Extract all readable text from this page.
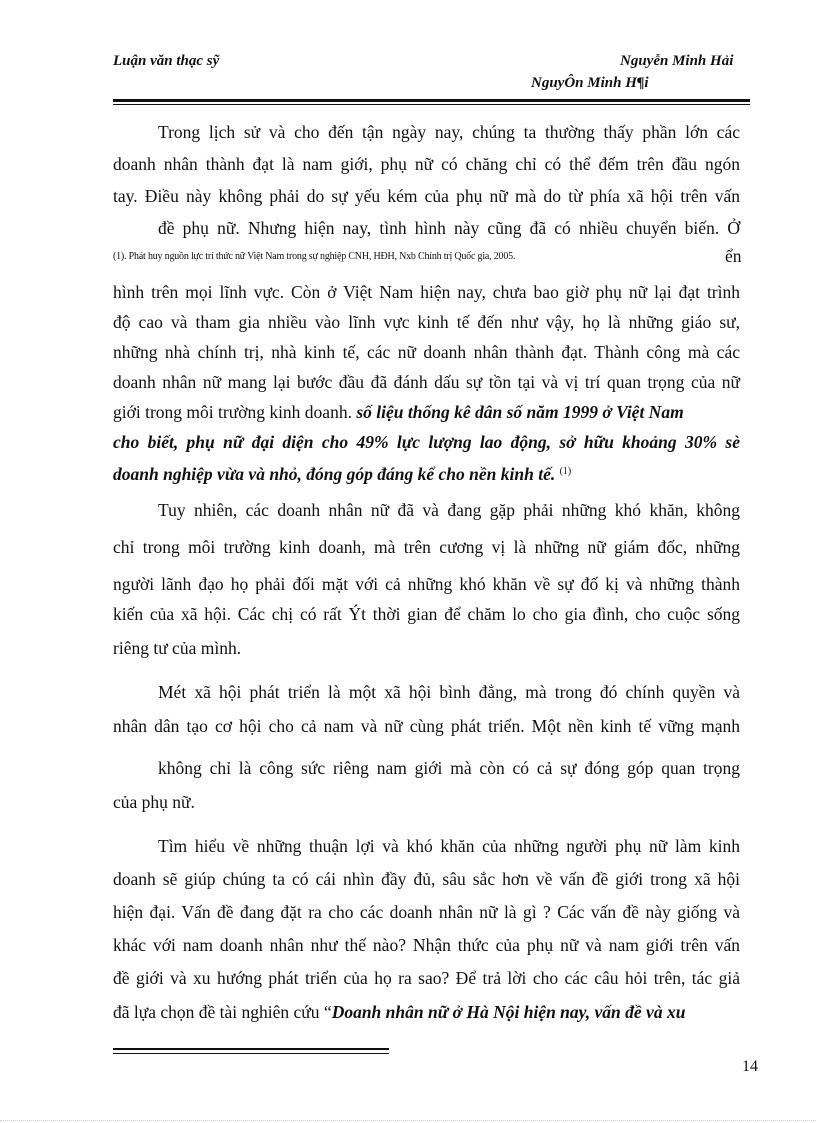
Luận văn thạc sỹ	Nguyễn Minh Hải
NguyÔn Minh H¶i
Trong lịch sử và cho đến tận ngày nay, chúng ta thường thấy phần lớn các
doanh nhân thành đạt là nam giới, phụ nữ có chăng chỉ có thể đếm trên đầu ngón
tay. Điều này không phải do sự yếu kém của phụ nữ mà do từ phía xã hội trên vấn
đề phụ nữ. Nhưng hiện nay, tình hình này cũng đã có nhiều chuyển biến. Ở
(1). Phát huy nguồn lực trí thức nữ Việt Nam trong sự nghiệp CNH, HĐH, Nxb Chính trị Quốc gia, 2005.	ển
hình trên mọi lĩnh vực. Còn ở Việt Nam hiện nay, chưa bao giờ phụ nữ lại đạt trình
độ cao và tham gia nhiều vào lĩnh vực kinh tế đến như vậy, họ là những giáo sư,
những nhà chính trị, nhà kinh tế, các nữ doanh nhân thành đạt. Thành công mà các
doanh nhân nữ mang lại bước đầu đã đánh dấu sự tồn tại và vị trí quan trọng của nữ
giới trong môi trường kinh doanh. số liệu thống kê dân số năm 1999 ở Việt Nam
cho biết, phụ nữ đại diện cho 49% lực lượng lao động, sở hữu khoảng 30% sè
doanh nghiệp vừa và nhỏ, đóng góp đáng kể cho nền kinh tế. $^{(1)}$
Tuy nhiên, các doanh nhân nữ đã và đang gặp phải những khó khăn, không
chỉ trong môi trường kinh doanh, mà trên cương vị là những nữ giám đốc, những
người lãnh đạo họ phải đối mặt với cả những khó khăn về sự đố kị và những thành
kiến của xã hội. Các chị có rất Ýt thời gian để chăm lo cho gia đình, cho cuộc sống
riêng tư của mình.
Mét xã hội phát triển là một xã hội bình đẳng, mà trong đó chính quyền và
nhân dân tạo cơ hội cho cả nam và nữ cùng phát triển. Một nền kinh tế vững mạnh
không chỉ là công sức riêng nam giới mà còn có cả sự đóng góp quan trọng
của phụ nữ.
Tìm hiểu về những thuận lợi và khó khăn của những người phụ nữ làm kinh
doanh sẽ giúp chúng ta có cái nhìn đầy đủ, sâu sắc hơn về vấn đề giới trong xã hội
hiện đại. Vấn đề đang đặt ra cho các doanh nhân nữ là gì ? Các vấn đề này giống và
khác với nam doanh nhân như thế nào? Nhận thức của phụ nữ và nam giới trên vấn
đề giới và xu hướng phát triển của họ ra sao? Để trả lời cho các câu hỏi trên, tác giả
đã lựa chọn đề tài nghiên cứu “Doanh nhân nữ ở Hà Nội hiện nay, vấn đề và xu
14
